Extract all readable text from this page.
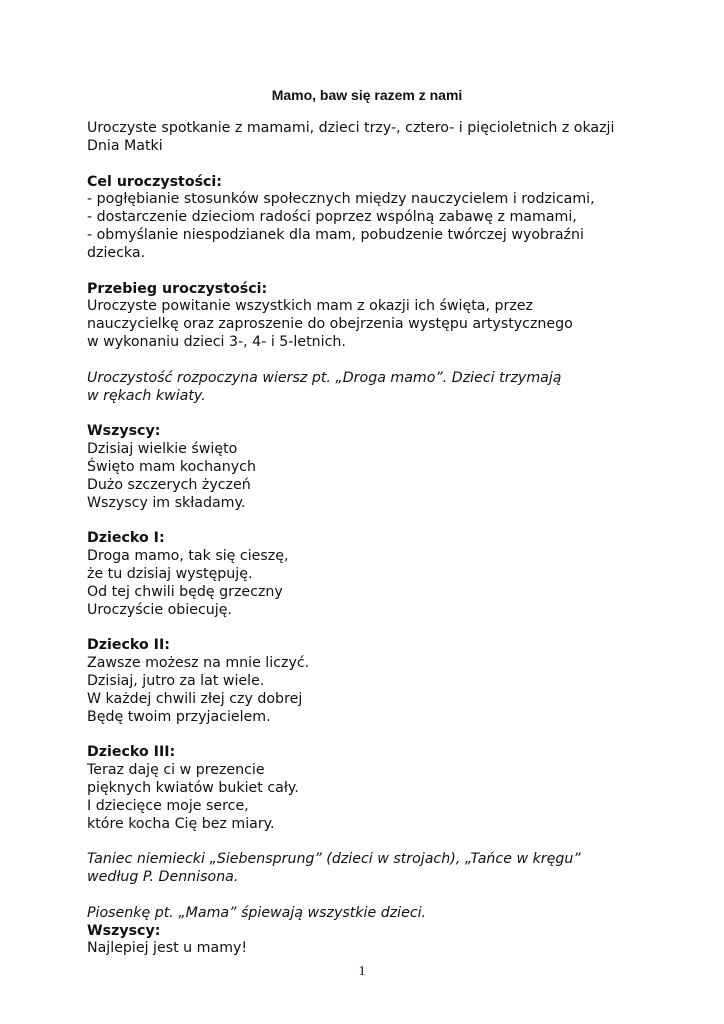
Mamo, baw się razem z nami
Uroczyste spotkanie z mamami, dzieci trzy-, cztero- i pięcioletnich z okazji
Dnia Matki
Cel uroczystości:
- pogłębianie stosunków społecznych między nauczycielem i rodzicami,
- dostarczenie dzieciom radości poprzez wspólną zabawę z mamami,
- obmyślanie niespodzianek dla mam, pobudzenie twórczej wyobraźni
dziecka.
Przebieg uroczystości:
Uroczyste powitanie wszystkich mam z okazji ich święta, przez
nauczycielkę oraz zaproszenie do obejrzenia występu artystycznego
w wykonaniu dzieci 3-, 4- i 5-letnich.
Uroczystość rozpoczyna wiersz pt. „Droga mamo”. Dzieci trzymają
w rękach kwiaty.
Wszyscy:
Dzisiaj wielkie święto
Święto mam kochanych
Dużo szczerych życzeń
Wszyscy im składamy.
Dziecko I:
Droga mamo, tak się cieszę,
że tu dzisiaj występuję.
Od tej chwili będę grzeczny
Uroczyście obiecuję.
Dziecko II:
Zawsze możesz na mnie liczyć.
Dzisiaj, jutro za lat wiele.
W każdej chwili złej czy dobrej
Będę twoim przyjacielem.
Dziecko III:
Teraz daję ci w prezencie
pięknych kwiatów bukiet cały.
I dziecięce moje serce,
które kocha Cię bez miary.
Taniec niemiecki „Siebensprung” (dzieci w strojach), „Tańce w kręgu”
według P. Dennisona.
Piosenkę pt. „Mama” śpiewają wszystkie dzieci.
Wszyscy:
Najlepiej jest u mamy!
1
